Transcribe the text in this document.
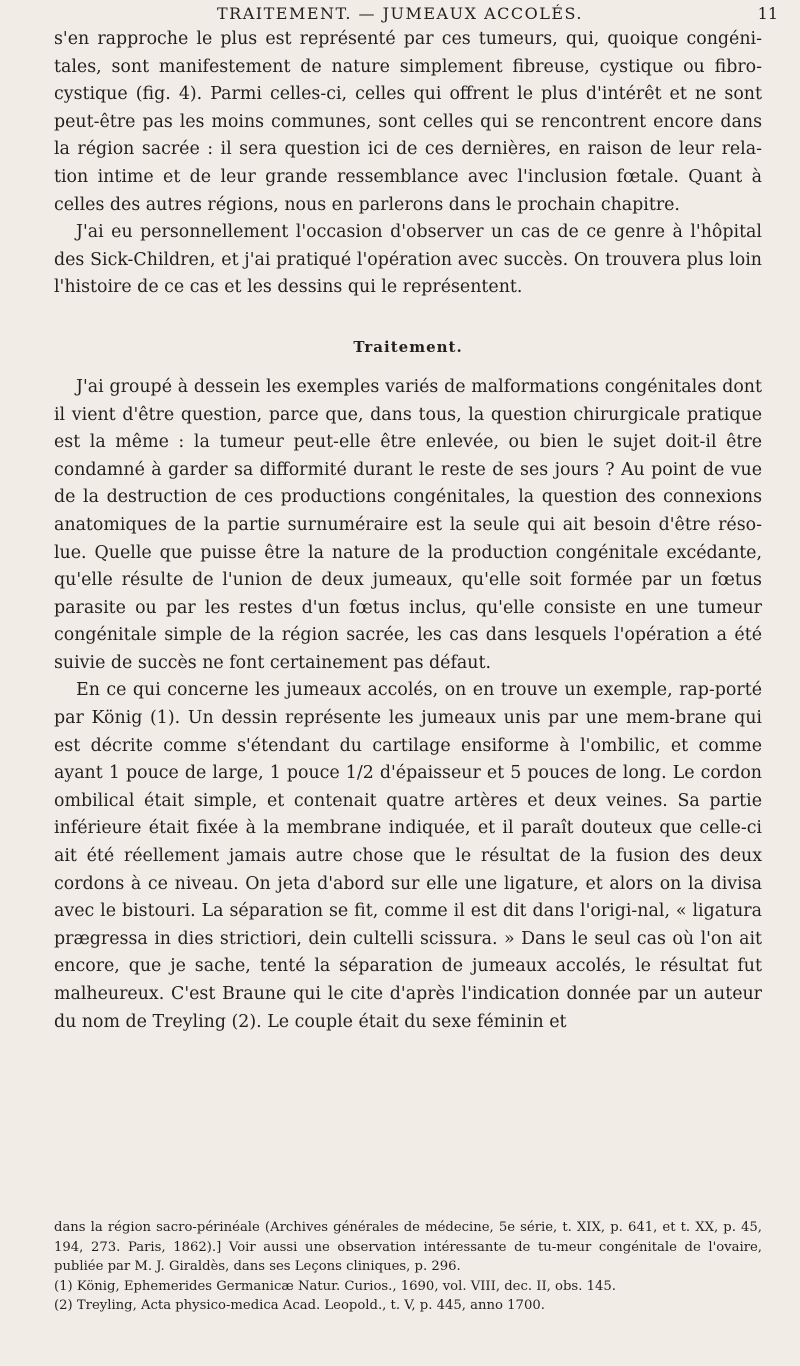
TRAITEMENT. — JUMEAUX ACCOLÉS.	11

s'en rapproche le plus est représenté par ces tumeurs, qui, quoique congéni-tales, sont manifestement de nature simplement fibreuse, cystique ou fibro-cystique (fig. 4). Parmi celles-ci, celles qui offrent le plus d'intérêt et ne sont peut-être pas les moins communes, sont celles qui se rencontrent encore dans la région sacrée : il sera question ici de ces dernières, en raison de leur rela-tion intime et de leur grande ressemblance avec l'inclusion fœtale. Quant à celles des autres régions, nous en parlerons dans le prochain chapitre.

J'ai eu personnellement l'occasion d'observer un cas de ce genre à l'hôpital des Sick-Children, et j'ai pratiqué l'opération avec succès. On trouvera plus loin l'histoire de ce cas et les dessins qui le représentent.

Traitement.

J'ai groupé à dessein les exemples variés de malformations congénitales dont il vient d'être question, parce que, dans tous, la question chirurgicale pratique est la même : la tumeur peut-elle être enlevée, ou bien le sujet doit-il être condamné à garder sa difformité durant le reste de ses jours ? Au point de vue de la destruction de ces productions congénitales, la question des connexions anatomiques de la partie surnuméraire est la seule qui ait besoin d'être réso-lue. Quelle que puisse être la nature de la production congénitale excédante, qu'elle résulte de l'union de deux jumeaux, qu'elle soit formée par un fœtus parasite ou par les restes d'un fœtus inclus, qu'elle consiste en une tumeur congénitale simple de la région sacrée, les cas dans lesquels l'opération a été suivie de succès ne font certainement pas défaut.

En ce qui concerne les jumeaux accolés, on en trouve un exemple, rap-porté par König (1). Un dessin représente les jumeaux unis par une mem-brane qui est décrite comme s'étendant du cartilage ensiforme à l'ombilic, et comme ayant 1 pouce de large, 1 pouce 1/2 d'épaisseur et 5 pouces de long. Le cordon ombilical était simple, et contenait quatre artères et deux veines. Sa partie inférieure était fixée à la membrane indiquée, et il paraît douteux que celle-ci ait été réellement jamais autre chose que le résultat de la fusion des deux cordons à ce niveau. On jeta d'abord sur elle une ligature, et alors on la divisa avec le bistouri. La séparation se fit, comme il est dit dans l'origi-nal, « ligatura prægressa in dies strictiori, dein cultelli scissura. » Dans le seul cas où l'on ait encore, que je sache, tenté la séparation de jumeaux accolés, le résultat fut malheureux. C'est Braune qui le cite d'après l'indication donnée par un auteur du nom de Treyling (2). Le couple était du sexe féminin et

dans la région sacro-périnéale (Archives générales de médecine, 5e série, t. XIX, p. 641, et t. XX, p. 45, 194, 273. Paris, 1862).] Voir aussi une observation intéressante de tu-meur congénitale de l'ovaire, publiée par M. J. Giraldès, dans ses Leçons cliniques, p. 296.

(1) König, Ephemerides Germanicæ Natur. Curios., 1690, vol. VIII, dec. II, obs. 145.

(2) Treyling, Acta physico-medica Acad. Leopold., t. V, p. 445, anno 1700.
